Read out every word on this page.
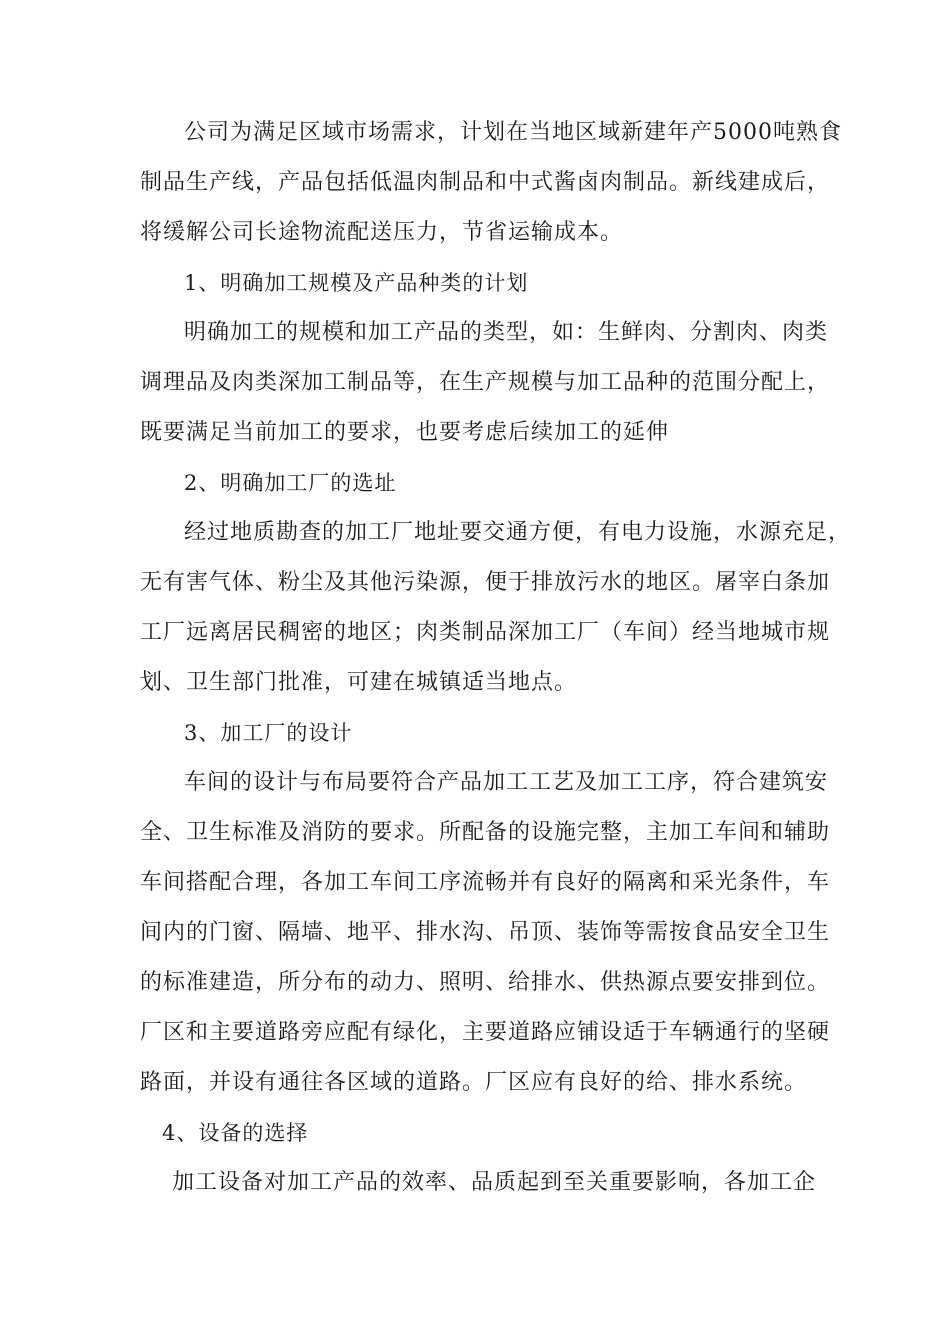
公司为满足区域市场需求，计划在当地区域新建年产5000吨熟食
制品生产线，产品包括低温肉制品和中式酱卤肉制品。新线建成后，
将缓解公司长途物流配送压力，节省运输成本。
1、明确加工规模及产品种类的计划
明确加工的规模和加工产品的类型，如：生鲜肉、分割肉、肉类
调理品及肉类深加工制品等，在生产规模与加工品种的范围分配上，
既要满足当前加工的要求，也要考虑后续加工的延伸
2、明确加工厂的选址
经过地质勘查的加工厂地址要交通方便，有电力设施，水源充足，
无有害气体、粉尘及其他污染源，便于排放污水的地区。屠宰白条加
工厂远离居民稠密的地区；肉类制品深加工厂（车间）经当地城市规
划、卫生部门批准，可建在城镇适当地点。
3、加工厂的设计
车间的设计与布局要符合产品加工工艺及加工工序，符合建筑安
全、卫生标准及消防的要求。所配备的设施完整，主加工车间和辅助
车间搭配合理，各加工车间工序流畅并有良好的隔离和采光条件，车
间内的门窗、隔墙、地平、排水沟、吊顶、装饰等需按食品安全卫生
的标准建造，所分布的动力、照明、给排水、供热源点要安排到位。
厂区和主要道路旁应配有绿化，主要道路应铺设适于车辆通行的坚硬
路面，并设有通往各区域的道路。厂区应有良好的给、排水系统。
4、设备的选择
加工设备对加工产品的效率、品质起到至关重要影响，各加工企
